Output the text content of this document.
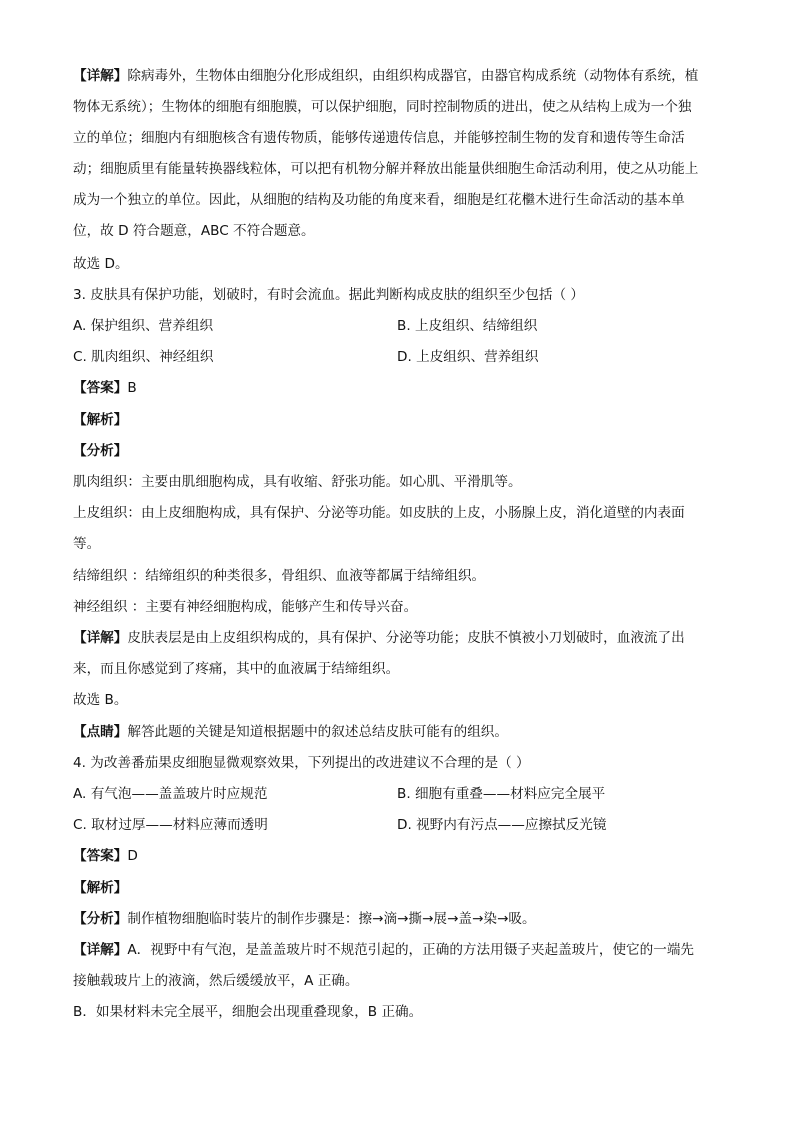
【详解】除病毒外，生物体由细胞分化形成组织，由组织构成器官，由器官构成系统（动物体有系统，植
物体无系统）；生物体的细胞有细胞膜，可以保护细胞，同时控制物质的进出，使之从结构上成为一个独
立的单位；细胞内有细胞核含有遗传物质，能够传递遗传信息，并能够控制生物的发育和遗传等生命活
动；细胞质里有能量转换器线粒体，可以把有机物分解并释放出能量供细胞生命活动利用，使之从功能上
成为一个独立的单位。因此，从细胞的结构及功能的角度来看，细胞是红花檵木进行生命活动的基本单
位，故 D 符合题意，ABC 不符合题意。
故选 D。
3. 皮肤具有保护功能，划破时，有时会流血。据此判断构成皮肤的组织至少包括（ ）
A. 保护组织、营养组织	B. 上皮组织、结缔组织
C. 肌肉组织、神经组织	D. 上皮组织、营养组织
【答案】B
【解析】
【分析】
肌肉组织：主要由肌细胞构成，具有收缩、舒张功能。如心肌、平滑肌等。
上皮组织：由上皮细胞构成，具有保护、分泌等功能。如皮肤的上皮，小肠腺上皮，消化道壁的内表面
等。
结缔组织 ：结缔组织的种类很多，骨组织、血液等都属于结缔组织。
神经组织 ：主要有神经细胞构成，能够产生和传导兴奋。
【详解】皮肤表层是由上皮组织构成的，具有保护、分泌等功能；皮肤不慎被小刀划破时，血液流了出
来，而且你感觉到了疼痛，其中的血液属于结缔组织。
故选 B。
【点睛】解答此题的关键是知道根据题中的叙述总结皮肤可能有的组织。
4. 为改善番茄果皮细胞显微观察效果，下列提出的改进建议不合理的是（ ）
A. 有气泡——盖盖玻片时应规范	B. 细胞有重叠——材料应完全展平
C. 取材过厚——材料应薄而透明	D. 视野内有污点——应擦拭反光镜
【答案】D
【解析】
【分析】制作植物细胞临时装片的制作步骤是：擦→滴→撕→展→盖→染→吸。
【详解】A．视野中有气泡，是盖盖玻片时不规范引起的，正确的方法用镊子夹起盖玻片，使它的一端先
接触载玻片上的液滴，然后缓缓放平，A 正确。
B．如果材料未完全展平，细胞会出现重叠现象，B 正确。
